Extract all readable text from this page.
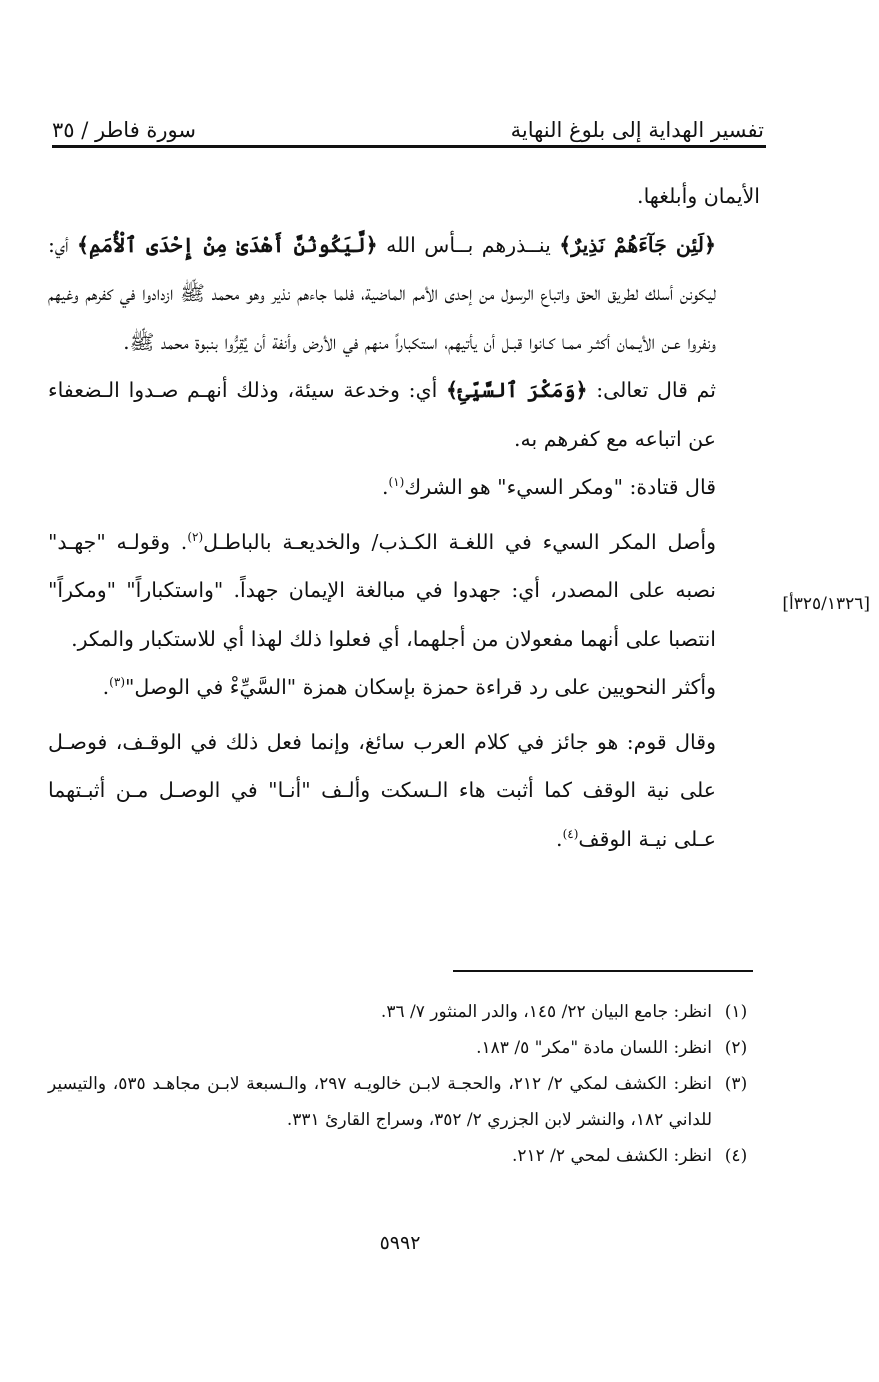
تفسير الهداية إلى بلوغ النهاية
سورة فاطر / ٣٥

الأيمان وأبلغها.

﴿لَئِن جَآءَهُمْ نَذِيرٌ﴾ ينــذرهم بــأس الله ﴿لَّيَكُونُنَّ أَهْدَىٰ مِنْ إِحْدَى ٱلْأُمَمِ﴾ أي: ليكونن أسلك لطريق الحق واتباع الرسول من إحدى الأمم الماضية، فلما جاءهم نذير وهو محمد ﷺ ازدادوا في كفرهم وغيهم ونفروا عـن الأيـمان أكثـر ممـا كـانوا قبـل أن يأتيهم، استكباراً منهم في الأرض وأنفة أن يُقِرُّوا بنبوة محمد ﷺ.

ثم قال تعالى: ﴿وَمَكْرَ ٱلسَّيِّئِ﴾ أي: وخدعة سيئة، وذلك أنهـم صـدوا الـضعفاء عن اتباعه مع كفرهم به.

قال قتادة: "ومكر السيء" هو الشرك$^{(١)}$.

وأصل المكر السيء في اللغـة الكـذب/ والخديعـة بالباطـل$^{(٢)}$. وقولـه "جهـد" نصبه على المصدر، أي: جهدوا في مبالغة الإيمان جهداً. "واستكباراً" "ومكراً" انتصبا على أنهما مفعولان من أجلهما، أي فعلوا ذلك لهذا أي للاستكبار والمكر.

وأكثر النحويين على رد قراءة حمزة بإسكان همزة "السَّيِّءْ في الوصل"$^{(٣)}$.

وقال قوم: هو جائز في كلام العرب سائغ، وإنما فعل ذلك في الوقـف، فوصـل على نية الوقف كما أثبت هاء الـسكت وألـف "أنـا" في الوصـل مـن أثبـتهما عـلى نيـة الوقف$^{(٤)}$.

[٣٢٥/١٣٢٦أ]
(١)
انظر: جامع البيان ٢٢/ ١٤٥، والدر المنثور ٧/ ٣٦.
(٢)
انظر: اللسان مادة "مكر" ٥/ ١٨٣.
(٣)
انظر: الكشف لمكي ٢/ ٢١٢، والحجـة لابـن خالويـه ٢٩٧، والـسبعة لابـن مجاهـد ٥٣٥، والتيسير للداني ١٨٢، والنشر لابن الجزري ٢/ ٣٥٢، وسراج القارئ ٣٣١.
(٤)
انظر: الكشف لمحي ٢/ ٢١٢.
٥٩٩٢
